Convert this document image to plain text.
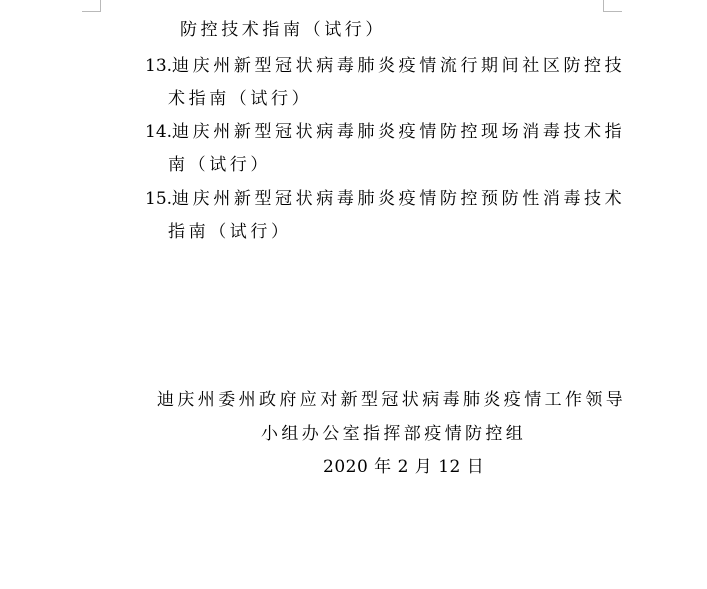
防控技术指南（试行）
13.迪庆州新型冠状病毒肺炎疫情流行期间社区防控技
术指南（试行）
14.迪庆州新型冠状病毒肺炎疫情防控现场消毒技术指
南（试行）
15.迪庆州新型冠状病毒肺炎疫情防控预防性消毒技术
指南（试行）
迪庆州委州政府应对新型冠状病毒肺炎疫情工作领导
小组办公室指挥部疫情防控组
2020 年 2 月 12 日
